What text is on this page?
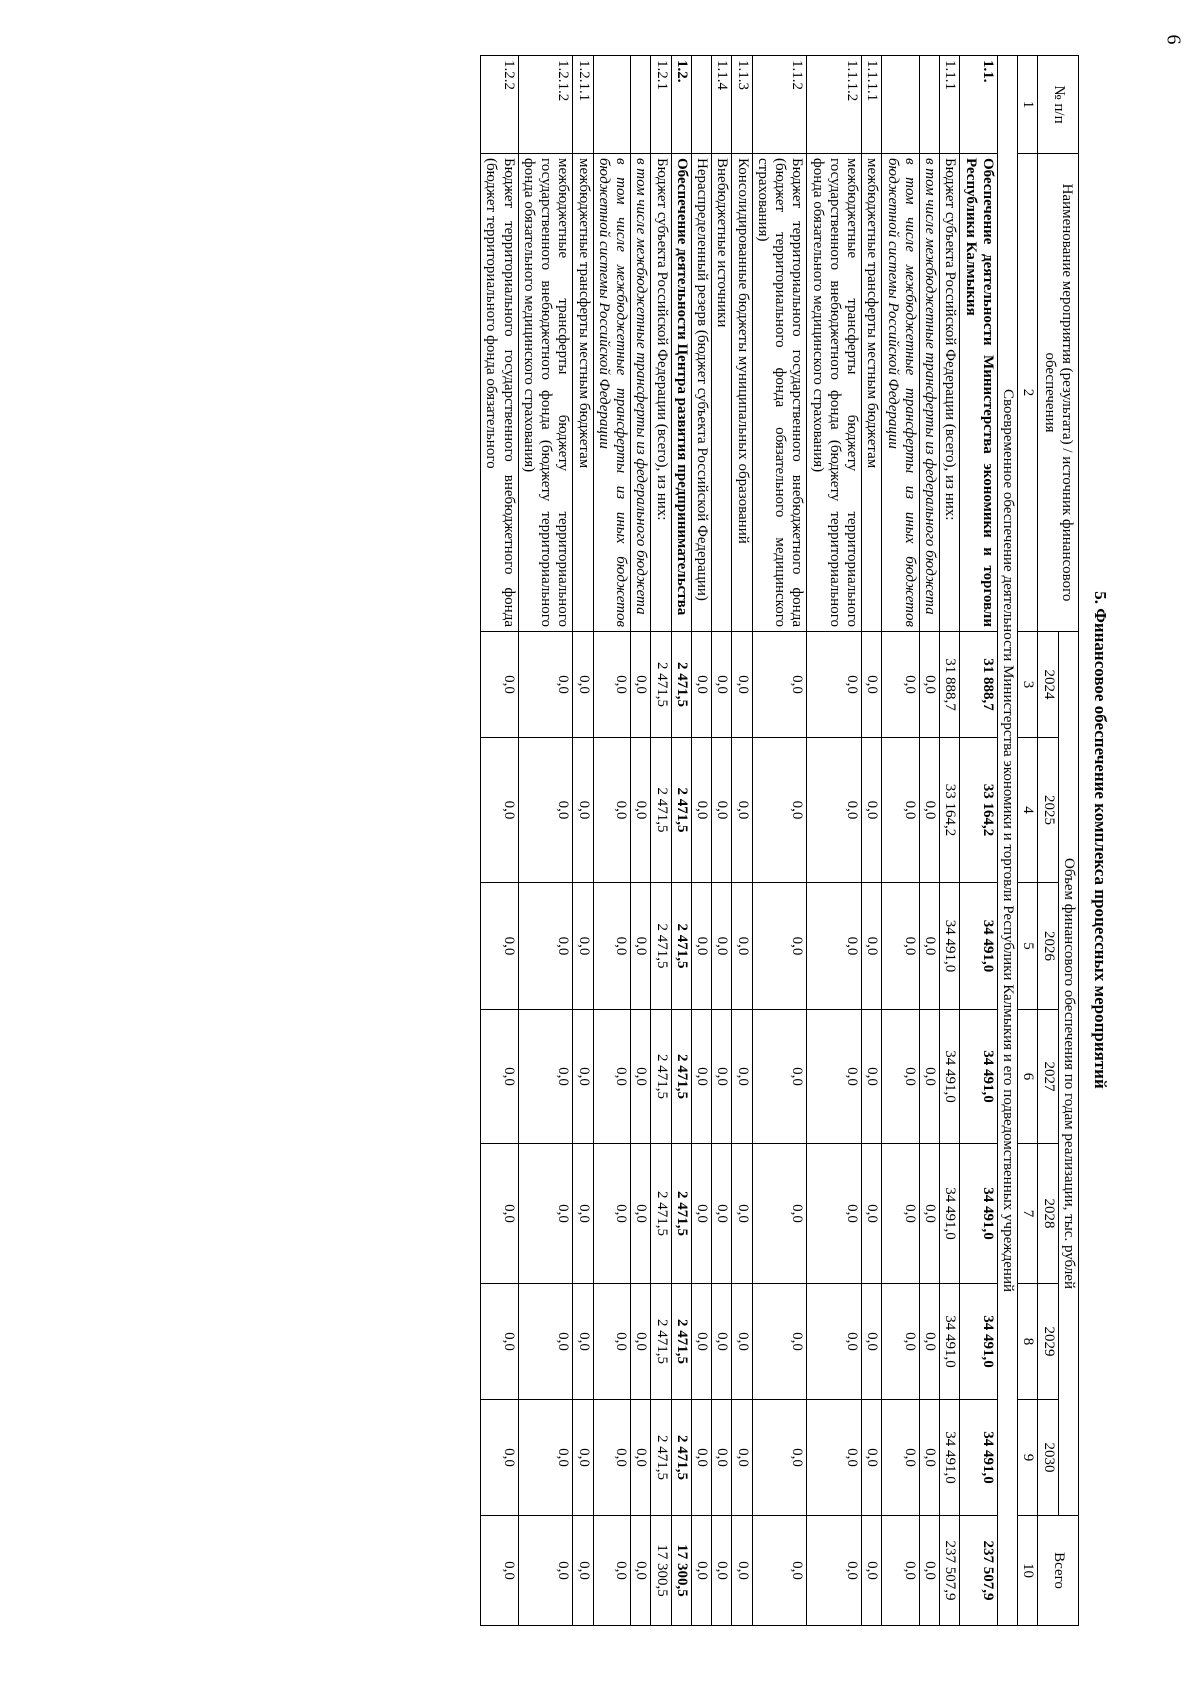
6
5. Финансовое обеспечение комплекса процессных мероприятий
№ п/п	Наименование мероприятия (результата) / источник финансового обеспечения	Объем финансового обеспечения по годам реализации, тыс. рублей							Всего
		2024	2025	2026	2027	2028	2029	2030	
1	2	3	4	5	6	7	8	9	10
Своевременное обеспечение деятельности Министерства экономики и торговли Республики Калмыкия и его подведомственных учреждений									
1.1.	Обеспечение деятельности Министерства экономики и торговли Республики Калмыкия	31 888,7	33 164,2	34 491,0	34 491,0	34 491,0	34 491,0	34 491,0	237 507,9
1.1.1	Бюджет субъекта Российской Федерации (всего), из них:	31 888,7	33 164,2	34 491,0	34 491,0	34 491,0	34 491,0	34 491,0	237 507,9
	в том числе межбюджетные трансферты из федерального бюджета	0,0	0,0	0,0	0,0	0,0	0,0	0,0	0,0
	в том числе межбюджетные трансферты из иных бюджетов бюджетной системы Российской Федерации	0,0	0,0	0,0	0,0	0,0	0,0	0,0	0,0
1.1.1.1	межбюджетные трансферты местным бюджетам	0,0	0,0	0,0	0,0	0,0	0,0	0,0	0,0
1.1.1.2	межбюджетные трансферты бюджету территориального государственного внебюджетного фонда (бюджету территориального фонда обязательного медицинского страхования)	0,0	0,0	0,0	0,0	0,0	0,0	0,0	0,0
1.1.2	Бюджет территориального государственного внебюджетного фонда (бюджет территориального фонда обязательного медицинского страхования)	0,0	0,0	0,0	0,0	0,0	0,0	0,0	0,0
1.1.3	Консолидированные бюджеты муниципальных образований	0,0	0,0	0,0	0,0	0,0	0,0	0,0	0,0
1.1.4	Внебюджетные источники	0,0	0,0	0,0	0,0	0,0	0,0	0,0	0,0
	Нераспределенный резерв (бюджет субъекта Российской Федерации)	0,0	0,0	0,0	0,0	0,0	0,0	0,0	0,0
1.2.	Обеспечение деятельности Центра развития предпринимательства	2 471,5	2 471,5	2 471,5	2 471,5	2 471,5	2 471,5	2 471,5	17 300,5
1.2.1	Бюджет субъекта Российской Федерации (всего), из них:	2 471,5	2 471,5	2 471,5	2 471,5	2 471,5	2 471,5	2 471,5	17 300,5
	в том числе межбюджетные трансферты из федерального бюджета	0,0	0,0	0,0	0,0	0,0	0,0	0,0	0,0
	в том числе межбюджетные трансферты из иных бюджетов бюджетной системы Российской Федерации	0,0	0,0	0,0	0,0	0,0	0,0	0,0	0,0
1.2.1.1	межбюджетные трансферты местным бюджетам	0,0	0,0	0,0	0,0	0,0	0,0	0,0	0,0
1.2.1.2	межбюджетные трансферты бюджету территориального государственного внебюджетного фонда (бюджету территориального фонда обязательного медицинского страхования)	0,0	0,0	0,0	0,0	0,0	0,0	0,0	0,0
1.2.2	Бюджет территориального государственного внебюджетного фонда (бюджет территориального фонда обязательного	0,0	0,0	0,0	0,0	0,0	0,0	0,0	0,0
